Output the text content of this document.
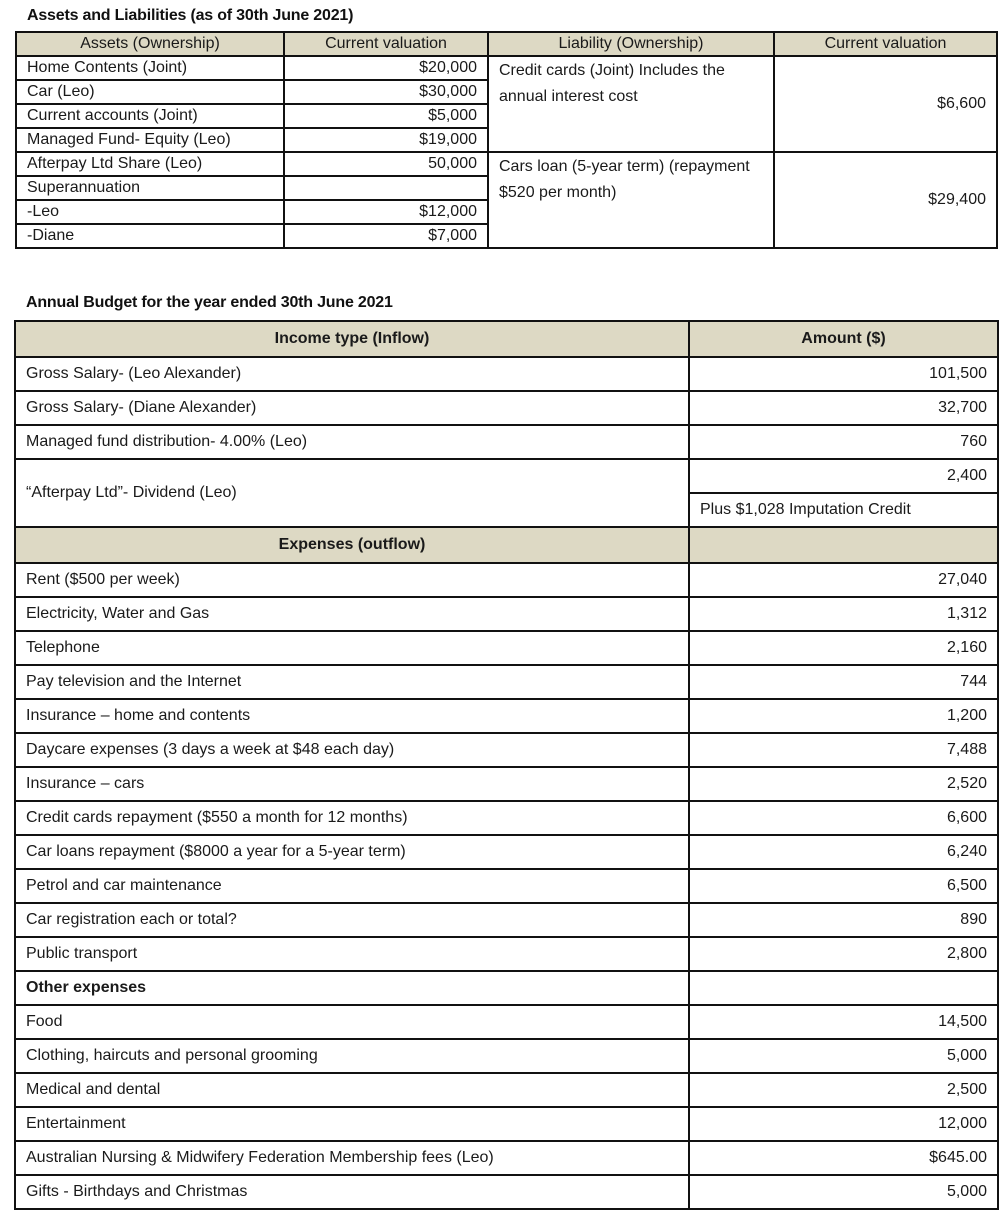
Assets and Liabilities (as of 30th June 2021)
Assets (Ownership)	Current valuation	Liability (Ownership)	Current valuation
Home Contents (Joint)	$20,000	Credit cards (Joint) Includes the annual interest cost	$6,600
Car (Leo)	$30,000		
Current accounts (Joint)	$5,000		
Managed Fund- Equity (Leo)	$19,000		
Afterpay Ltd Share (Leo)	50,000	Cars loan (5-year term) (repayment $520 per month)	$29,400
Superannuation			
-Leo	$12,000		
-Diane	$7,000		
Annual Budget for the year ended 30th June 2021
Income type (Inflow)	Amount ($)
Gross Salary- (Leo Alexander)	101,500
Gross Salary- (Diane Alexander)	32,700
Managed fund distribution- 4.00% (Leo)	760
“Afterpay Ltd”- Dividend (Leo)	2,400
	Plus $1,028 Imputation Credit
Expenses (outflow)	
Rent ($500 per week)	27,040
Electricity, Water and Gas	1,312
Telephone	2,160
Pay television and the Internet	744
Insurance – home and contents	1,200
Daycare expenses (3 days a week at $48 each day)	7,488
Insurance – cars	2,520
Credit cards repayment ($550 a month for 12 months)	6,600
Car loans repayment ($8000 a year for a 5-year term)	6,240
Petrol and car maintenance	6,500
Car registration each or total?	890
Public transport	2,800
Other expenses	
Food	14,500
Clothing, haircuts and personal grooming	5,000
Medical and dental	2,500
Entertainment	12,000
Australian Nursing & Midwifery Federation Membership fees (Leo)	$645.00
Gifts - Birthdays and Christmas	5,000
